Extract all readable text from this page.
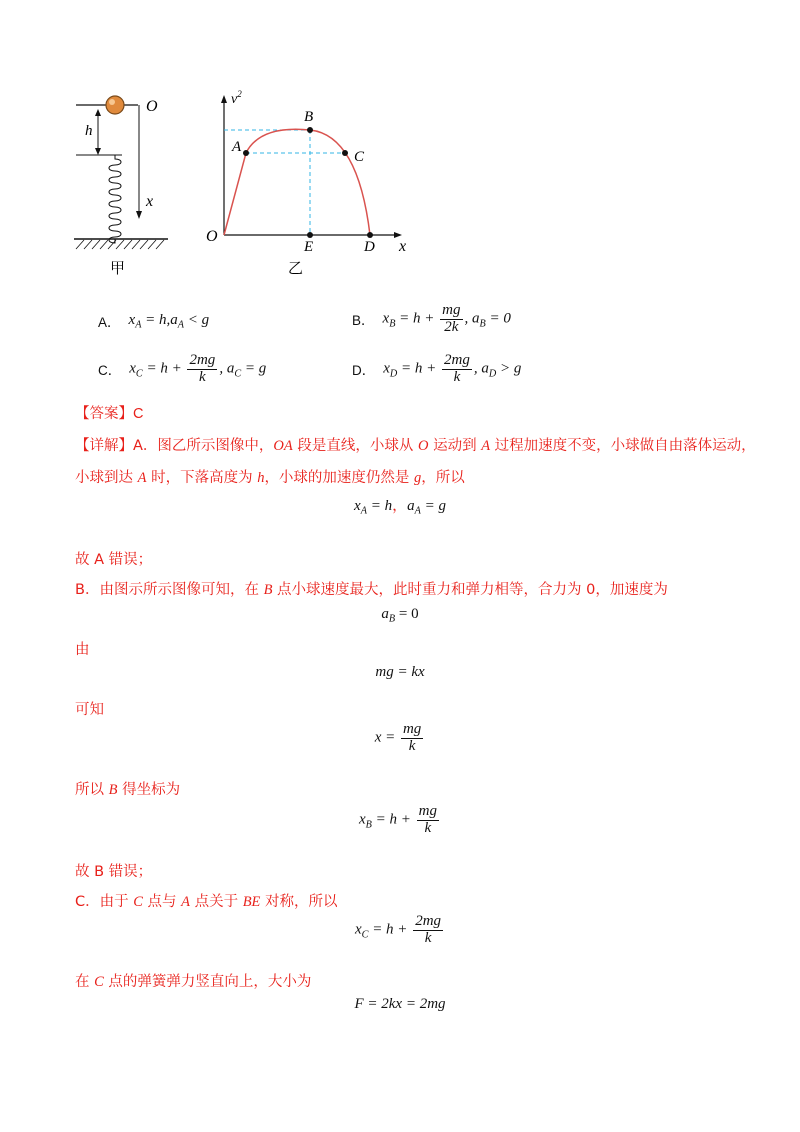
h
O
x
甲
$v^2$
x
O
B
A
C
E	D
乙
A． $x_A = h,a_A < g$	B． $x_B = h + \frac{mg}{2k}$ , $a_B = 0$
C． $x_C = h + \frac{2mg}{k}$ , $a_C = g$	D． $x_D = h + \frac{2mg}{k}$ , $a_D > g$
【答案】C
【详解】A．图乙所示图像中，OA 段是直线，小球从 O 运动到 A 过程加速度不变，小球做自由落体运动，
小球到达 A 时，下落高度为 h，小球的加速度仍然是 g，所以
$x_A = h$，$a_A = g$
故 A 错误；
B．由图示所示图像可知，在 B 点小球速度最大，此时重力和弹力相等，合力为 0，加速度为
$a_B = 0$
由
mg = kx
可知
$x = \frac{mg}{k}$
所以 B 得坐标为
$x_B = h + \frac{mg}{k}$
故 B 错误；
C．由于 C 点与 A 点关于 BE 对称，所以
$x_C = h + \frac{2mg}{k}$
在 C 点的弹簧弹力竖直向上，大小为
F = 2kx = 2mg
